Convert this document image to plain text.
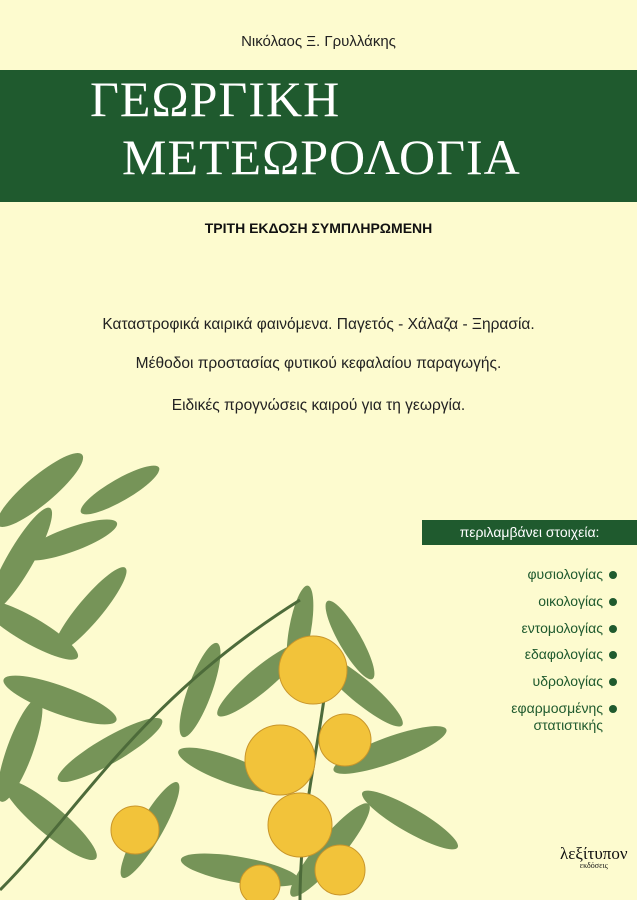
Νικόλαος Ξ. Γρυλλάκης
ΓΕΩΡΓΙΚΗ
ΜΕΤΕΩΡΟΛΟΓΙΑ
ΤΡΙΤΗ ΕΚΔΟΣΗ ΣΥΜΠΛΗΡΩΜΕΝΗ
Καταστροφικά καιρικά φαινόμενα. Παγετός - Χάλαζα - Ξηρασία.
Μέθοδοι προστασίας φυτικού κεφαλαίου παραγωγής.
Ειδικές προγνώσεις καιρού για τη γεωργία.
περιλαμβάνει στοιχεία:
φυσιολογίας
οικολογίας
εντομολογίας
εδαφολογίας
υδρολογίας
εφαρμοσμένης στατιστικής
λεξίτυπον
εκδόσεις
